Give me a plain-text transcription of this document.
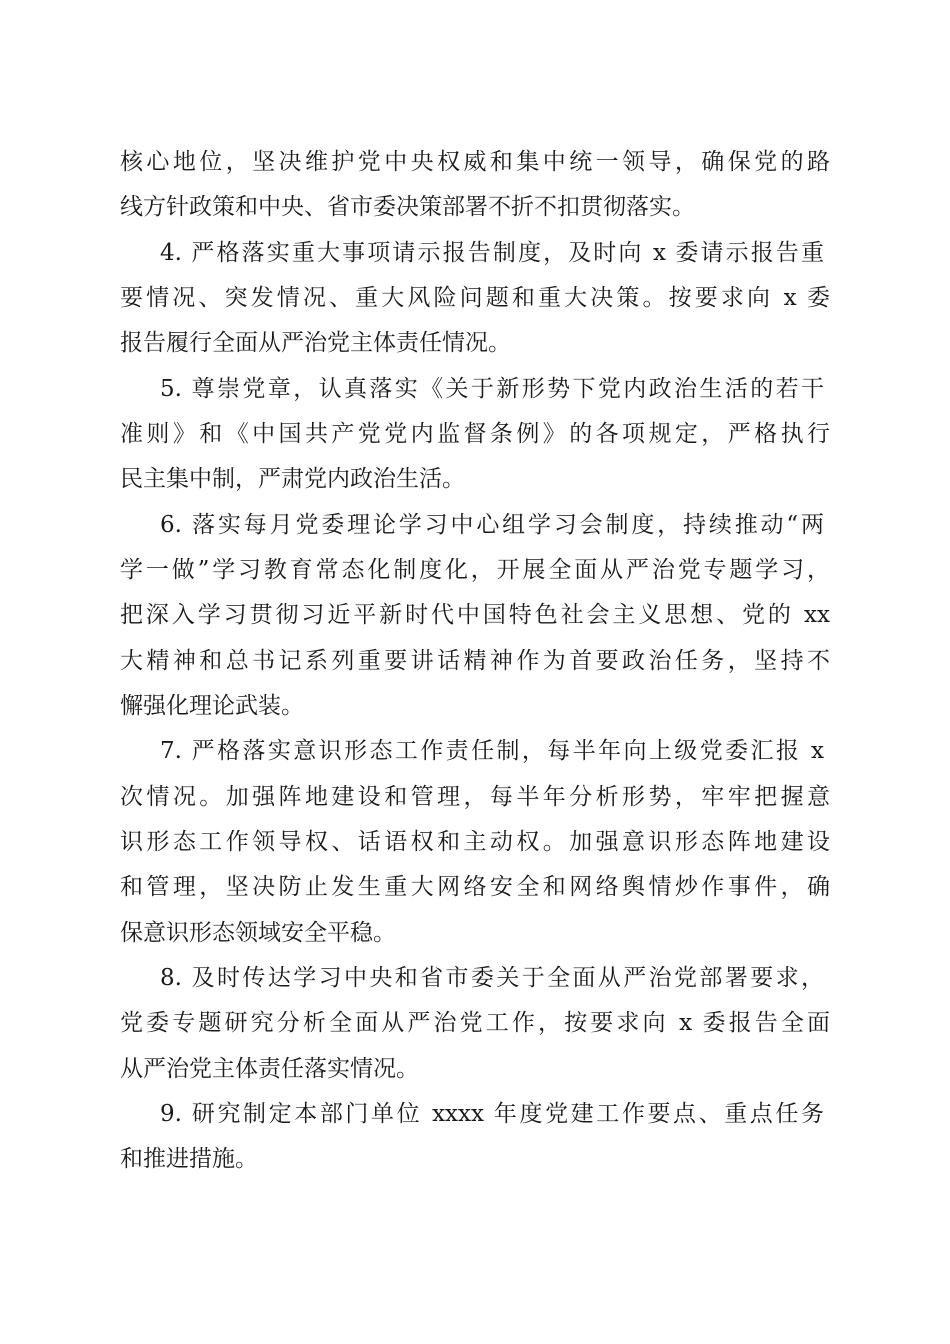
核心地位，坚决维护党中央权威和集中统一领导，确保党的路
线方针政策和中央、省市委决策部署不折不扣贯彻落实。
4. 严格落实重大事项请示报告制度，及时向 x 委请示报告重
要情况、突发情况、重大风险问题和重大决策。按要求向 x 委
报告履行全面从严治党主体责任情况。
5. 尊崇党章，认真落实《关于新形势下党内政治生活的若干
准则》和《中国共产党党内监督条例》的各项规定，严格执行
民主集中制，严肃党内政治生活。
6. 落实每月党委理论学习中心组学习会制度，持续推动“两
学一做”学习教育常态化制度化，开展全面从严治党专题学习，
把深入学习贯彻习近平新时代中国特色社会主义思想、党的 xx
大精神和总书记系列重要讲话精神作为首要政治任务，坚持不
懈强化理论武装。
7. 严格落实意识形态工作责任制，每半年向上级党委汇报 x
次情况。加强阵地建设和管理，每半年分析形势，牢牢把握意
识形态工作领导权、话语权和主动权。加强意识形态阵地建设
和管理，坚决防止发生重大网络安全和网络舆情炒作事件，确
保意识形态领域安全平稳。
8. 及时传达学习中央和省市委关于全面从严治党部署要求，
党委专题研究分析全面从严治党工作，按要求向 x 委报告全面
从严治党主体责任落实情况。
9. 研究制定本部门单位 xxxx 年度党建工作要点、重点任务
和推进措施。
